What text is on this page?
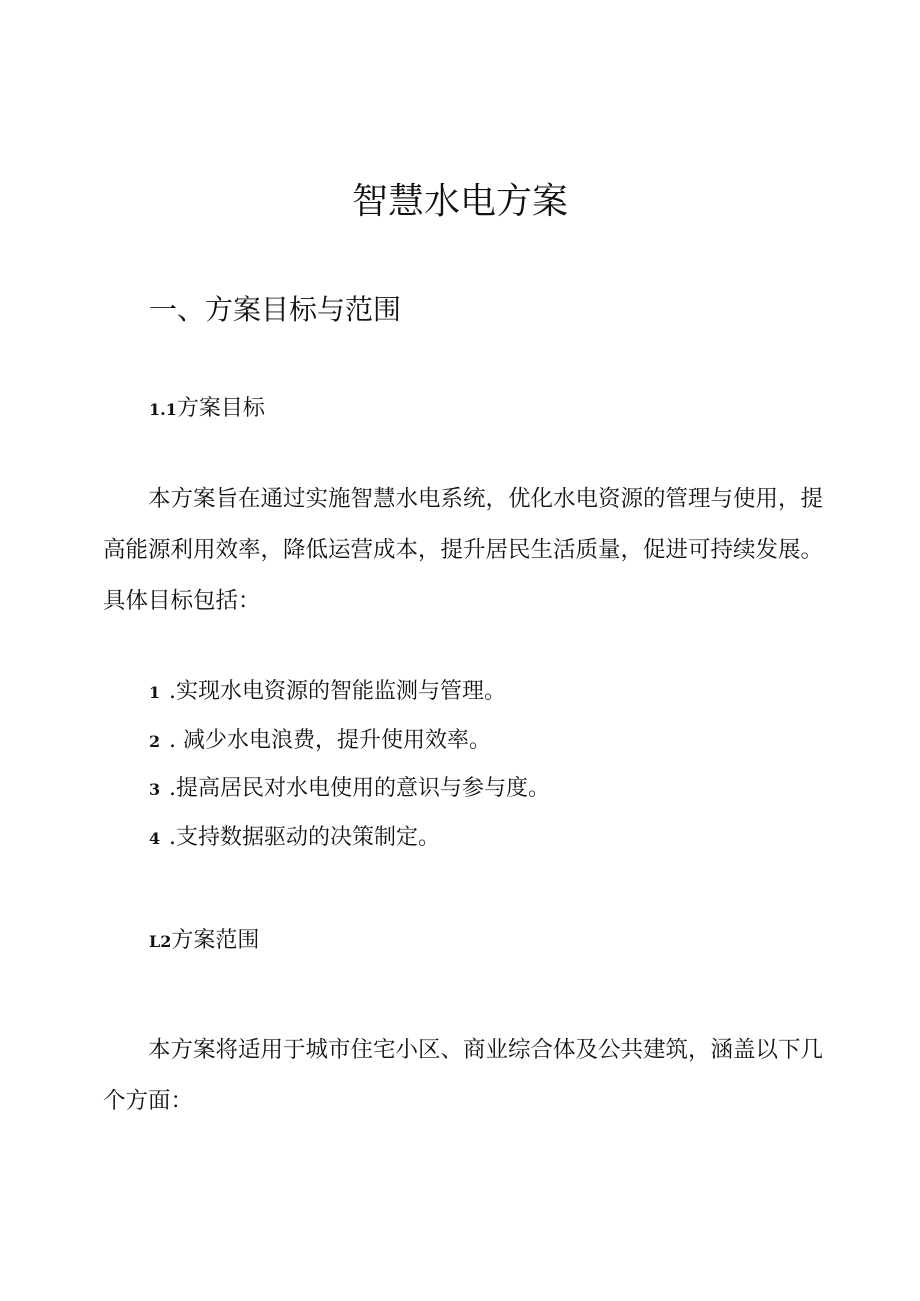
智慧水电方案
一、方案目标与范围
1.1方案目标

本方案旨在通过实施智慧水电系统，优化水电资源的管理与使用，提高能源利用效率，降低运营成本，提升居民生活质量，促进可持续发展。具体目标包括：

1 .实现水电资源的智能监测与管理。
2 . 减少水电浪费，提升使用效率。
3 .提高居民对水电使用的意识与参与度。
4 .支持数据驱动的决策制定。
L2方案范围

本方案将适用于城市住宅小区、商业综合体及公共建筑，涵盖以下几个方面：
